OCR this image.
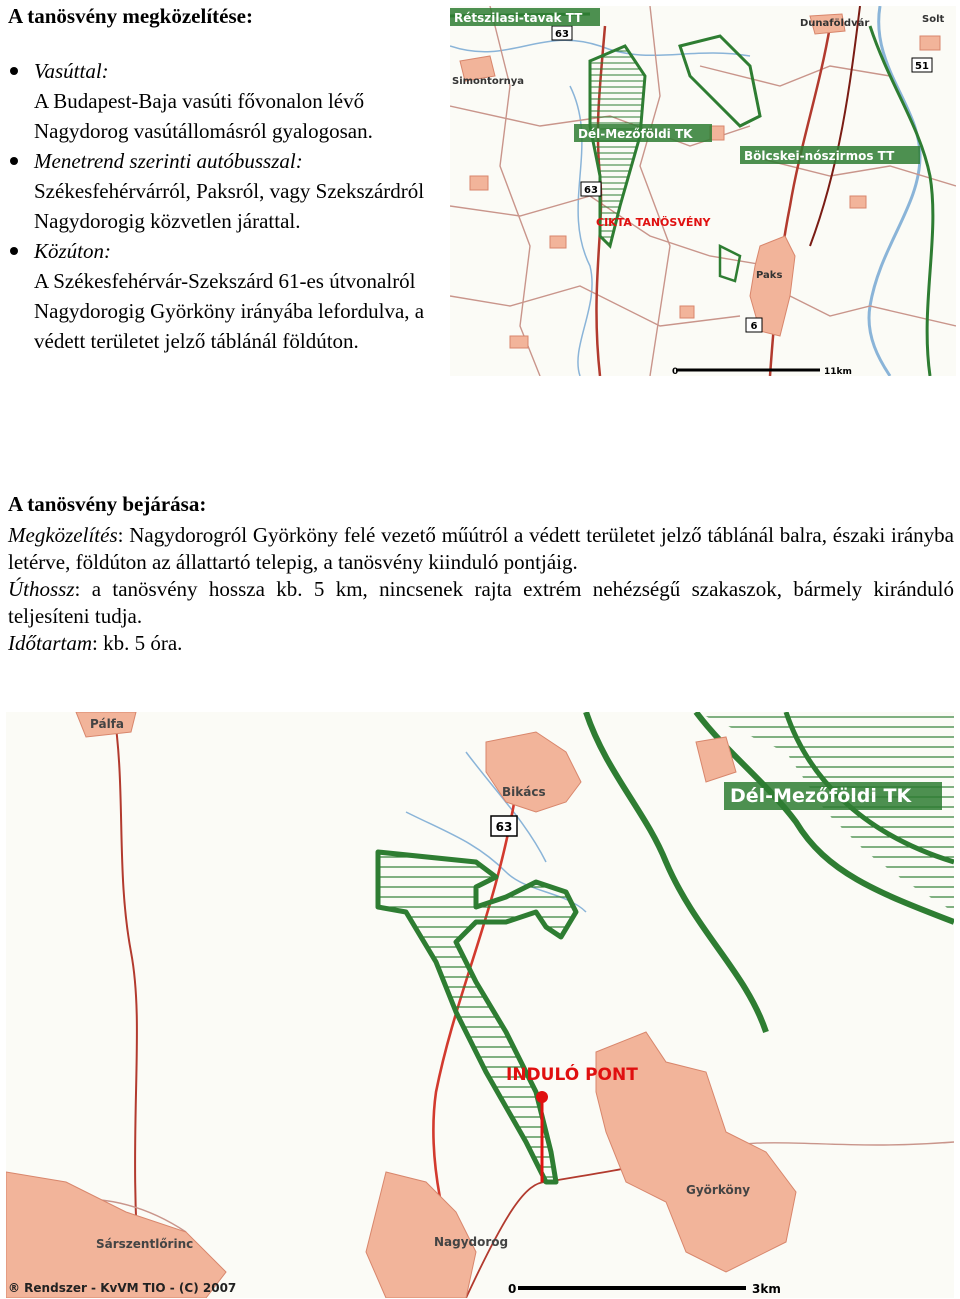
A tanösvény megközelítése:
Vasúttal:
A Budapest-Baja vasúti fővonalon lévő Nagydorog vasútállomásról gyalogosan.
Menetrend szerinti autóbusszal:
Székesfehérvárról, Paksról, vagy Szekszárdról Nagydorogig közvetlen járattal.
Közúton:
A Székesfehérvár-Szekszárd 61-es útvonalról Nagydorogig Györköny irányába lefordulva, a védett területet jelző táblánál földúton.
63
63
51
6
Rétszilasi-tavak TT	Dunaföldvár	Solt
Simontornya
Dél-Mezőföldi TK
Bölcskei-nószirmos TT
CIKTA TANÖSVÉNY
Paks
0	11km
A tanösvény bejárása:

Megközelítés: Nagydorogról Györköny felé vezető műútról a védett területet jelző táblánál balra, északi irányba letérve, földúton az állattartó telepig, a tanösvény kiinduló pontjáig.

Úthossz: a tanösvény hossza kb. 5 km, nincsenek rajta extrém nehézségű szakaszok, bármely kiránduló teljesíteni tudja.

Időtartam: kb. 5 óra.

63
Pálfa
Bikács	Dél-Mezőföldi TK
INDULÓ PONT
Györköny
Sárszentlőrinc	Nagydorog
® Rendszer - KvVM TIO - (C) 2007	0	3km
